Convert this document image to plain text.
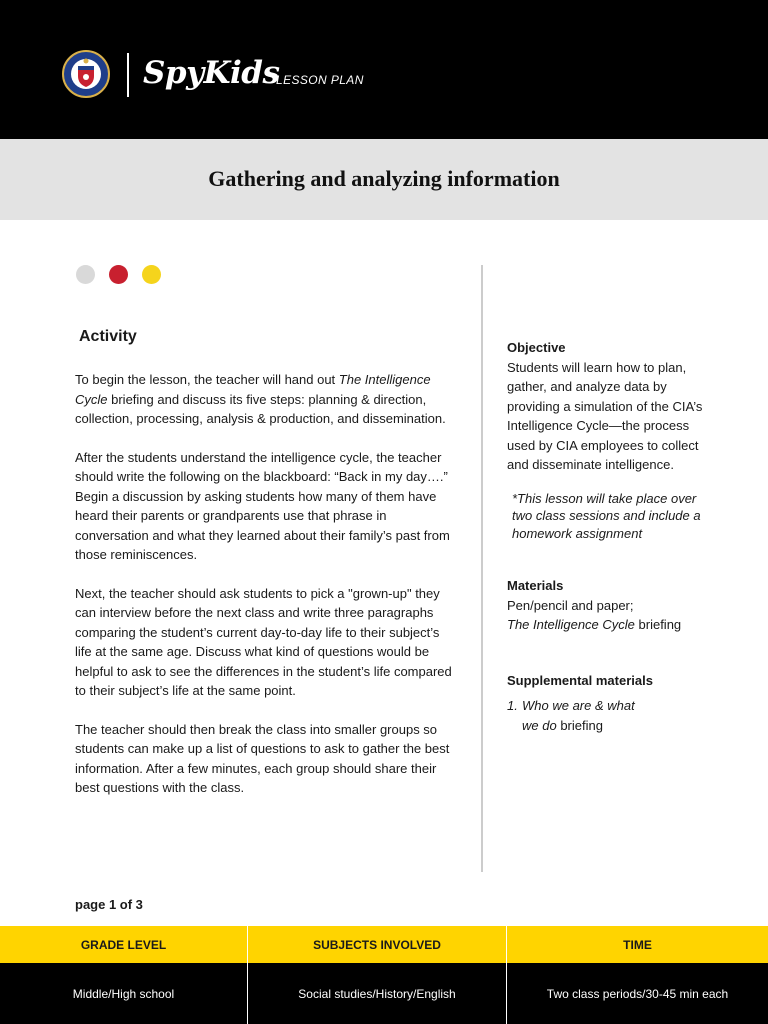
SpyKids
LESSON PLAN
Gathering and analyzing information
Activity

To begin the lesson, the teacher will hand out The Intelligence Cycle briefing and discuss its five steps: planning & direction, collection, processing, analysis & production, and dissemination.

After the students understand the intelligence cycle, the teacher should write the following on the blackboard: “Back in my day….” Begin a discussion by asking students how many of them have heard their parents or grandparents use that phrase in conversation and what they learned about their family’s past from those reminiscences.

Next, the teacher should ask students to pick a "grown-up" they can interview before the next class and write three paragraphs comparing the student’s current day-to-day life to their subject’s life at the same age. Discuss what kind of questions would be helpful to ask to see the differences in the student’s life compared to their subject’s life at the same point.

The teacher should then break the class into smaller groups so students can make up a list of questions to ask to gather the best information. After a few minutes, each group should share their best questions with the class.

Objective
Students will learn how to plan, gather, and analyze data by providing a simulation of the CIA’s Intelligence Cycle—the process used by CIA employees to collect and disseminate intelligence.
*This lesson will take place over two class sessions and include a homework assignment
Materials
Pen/pencil and paper;
The Intelligence Cycle briefing
Supplemental materials
1. Who we are & what we do briefing
page 1 of 3
GRADE LEVEL	SUBJECTS INVOLVED	TIME
Middle/High school	Social studies/History/English	Two class periods/30-45 min each
